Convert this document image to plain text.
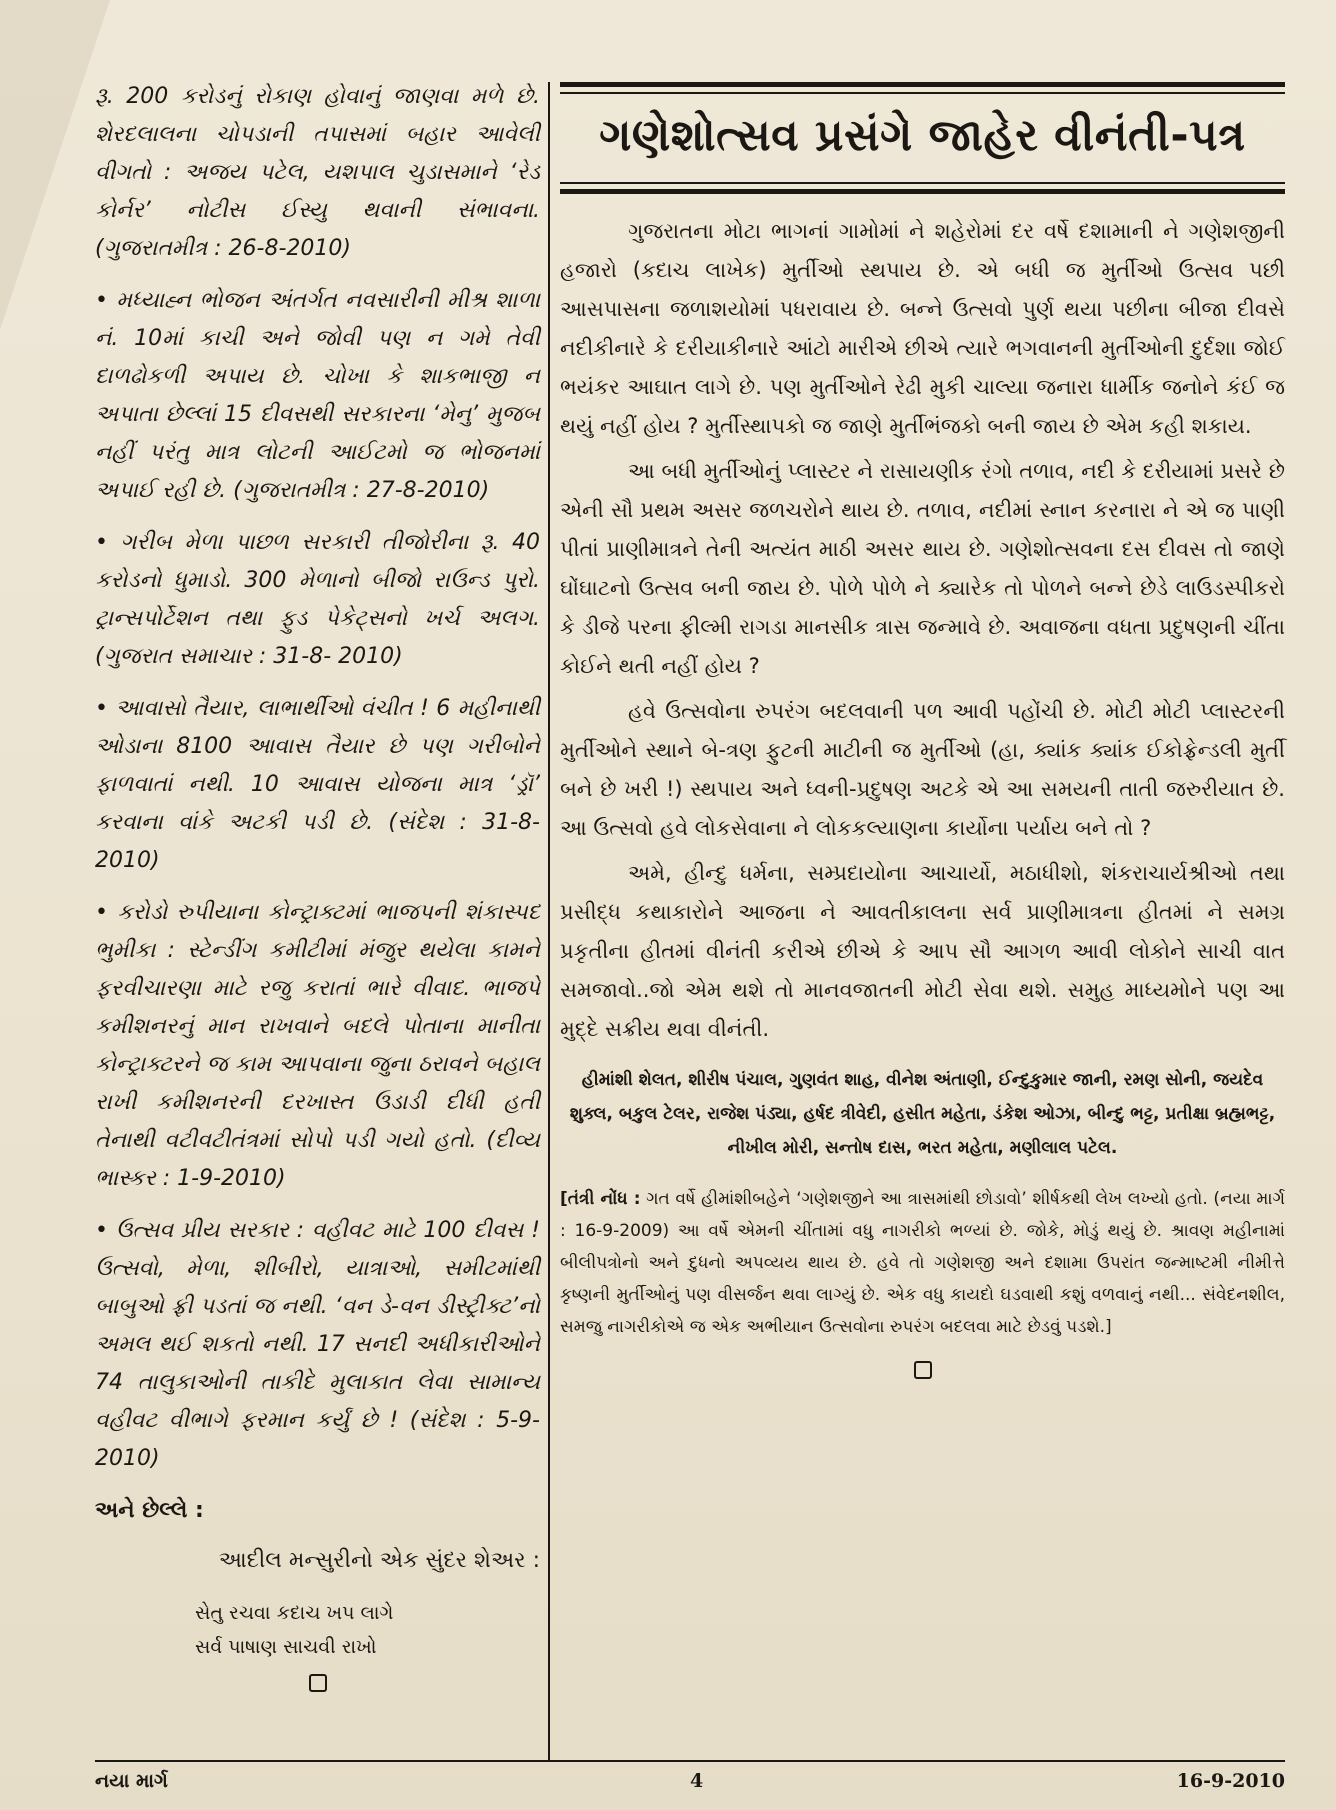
રૂ. 200 કરોડનું રોકાણ હોવાનું જાણવા મળે છે. શેરદલાલના ચોપડાની તપાસમાં બહાર આવેલી વીગતો : અજય પટેલ, યશપાલ ચુડાસમાને ‘રેડ કોર્નર’ નોટીસ ઈસ્યુ થવાની સંભાવના. (ગુજરાતમીત્ર : 26-8-2010)

• મધ્યાહ્ન ભોજન અંતર્ગત નવસારીની મીશ્ર શાળા નં. 10માં કાચી અને જોવી પણ ન ગમે તેવી દાળઢોકળી અપાય છે. ચોખા કે શાકભાજી ન અપાતા છેલ્લાં 15 દીવસથી સરકારના ‘મેનુ’ મુજબ નહીં પરંતુ માત્ર લોટની આઈટમો જ ભોજનમાં અપાઈ રહી છે. (ગુજરાતમીત્ર : 27-8-2010)

• ગરીબ મેળા પાછળ સરકારી તીજોરીના રૂ. 40 કરોડનો ધુમાડો. 300 મેળાનો બીજો રાઉન્ડ પુરો. ટ્રાન્સપોર્ટેશન તથા ફુડ પેકેટ્સનો ખર્ચ અલગ. (ગુજરાત સમાચાર : 31-8- 2010)

• આવાસો તૈયાર, લાભાર્થીઓ વંચીત ! 6 મહીનાથી ઓડાના 8100 આવાસ તૈયાર છે પણ ગરીબોને ફાળવાતાં નથી. 10 આવાસ યોજના માત્ર ‘ડ્રૉ’ કરવાના વાંકે અટકી પડી છે. (સંદેશ : 31-8-2010)

• કરોડો રુપીયાના કોન્ટ્રાક્ટમાં ભાજપની શંકાસ્પદ ભુમીકા : સ્ટેન્ડીંગ કમીટીમાં મંજુર થયેલા કામને ફરવીચારણા માટે રજુ કરાતાં ભારે વીવાદ. ભાજપે કમીશનરનું માન રાખવાને બદલે પોતાના માનીતા કોન્ટ્રાક્ટરને જ કામ આપવાના જુના ઠરાવને બહાલ રાખી કમીશનરની દરખાસ્ત ઉડાડી દીધી હતી તેનાથી વટીવટીતંત્રમાં સોપો પડી ગયો હતો. (દીવ્ય ભાસ્કર : 1-9-2010)

• ઉત્સવ પ્રીય સરકાર : વહીવટ માટે 100 દીવસ ! ઉત્સવો, મેળા, શીબીરો, યાત્રાઓ, સમીટમાંથી બાબુઓ ફ્રી પડતાં જ નથી. ‘વન ડે-વન ડીસ્ટ્રીક્ટ’નો અમલ થઈ શકતો નથી. 17 સનદી અધીકારીઓને 74 તાલુકાઓની તાકીદે મુલાકાત લેવા સામાન્ય વહીવટ વીભાગે ફરમાન કર્યું છે ! (સંદેશ : 5-9-2010)

અને છેલ્લે :

આદીલ મન્સુરીનો એક સુંદર શેઅર :

સેતુ રચવા કદાચ ખપ લાગે
સર્વ પાષાણ સાચવી રાખો
ગણેશોત્સવ પ્રસંગે જાહેર વીનંતી-પત્ર

ગુજરાતના મોટા ભાગનાં ગામોમાં ને શહેરોમાં દર વર્ષે દશામાની ને ગણેશજીની હજારો (કદાચ લાખેક) મુર્તીઓ સ્થપાય છે. એ બધી જ મુર્તીઓ ઉત્સવ પછી આસપાસના જળાશયોમાં પધરાવાય છે. બન્ને ઉત્સવો પુર્ણ થયા પછીના બીજા દીવસે નદીકીનારે કે દરીયાકીનારે આંટો મારીએ છીએ ત્યારે ભગવાનની મુર્તીઓની દુર્દશા જોઈ ભયંકર આઘાત લાગે છે. પણ મુર્તીઓને રેઢી મુકી ચાલ્યા જનારા ધાર્મીક જનોને કંઈ જ થયું નહીં હોય ? મુર્તીસ્થાપકો જ જાણે મુર્તીભંજકો બની જાય છે એમ કહી શકાય.

આ બધી મુર્તીઓનું પ્લાસ્ટર ને રાસાયણીક રંગો તળાવ, નદી કે દરીયામાં પ્રસરે છે એની સૌ પ્રથમ અસર જળચરોને થાય છે. તળાવ, નદીમાં સ્નાન કરનારા ને એ જ પાણી પીતાં પ્રાણીમાત્રને તેની અત્યંત માઠી અસર થાય છે. ગણેશોત્સવના દસ દીવસ તો જાણે ઘોંઘાટનો ઉત્સવ બની જાય છે. પોળે પોળે ને ક્યારેક તો પોળને બન્ને છેડે લાઉડસ્પીકરો કે ડીજે પરના ફીલ્મી રાગડા માનસીક ત્રાસ જન્માવે છે. અવાજના વધતા પ્રદુષણની ચીંતા કોઈને થતી નહીં હોય ?

હવે ઉત્સવોના રુપરંગ બદલવાની પળ આવી પહોંચી છે. મોટી મોટી પ્લાસ્ટરની મુર્તીઓને સ્થાને બે-ત્રણ ફુટની માટીની જ મુર્તીઓ (હા, ક્યાંક ક્યાંક ઈકોફ્રેન્ડલી મુર્તી બને છે ખરી !) સ્થપાય અને ધ્વની-પ્રદુષણ અટકે એ આ સમયની તાતી જરુરીયાત છે. આ ઉત્સવો હવે લોકસેવાના ને લોકકલ્યાણના કાર્યોના પર્યાય બને તો ?

અમે, હીન્દુ ધર્મના, સમ્પ્રદાયોના આચાર્યો, મઠાધીશો, શંકરાચાર્યશ્રીઓ તથા પ્રસીદ્ધ કથાકારોને આજના ને આવતીકાલના સર્વ પ્રાણીમાત્રના હીતમાં ને સમગ્ર પ્રકૃતીના હીતમાં વીનંતી કરીએ છીએ કે આપ સૌ આગળ આવી લોકોને સાચી વાત સમજાવો..જો એમ થશે તો માનવજાતની મોટી સેવા થશે. સમુહ માધ્યમોને પણ આ મુદ્દે સક્રીય થવા વીનંતી.

હીમાંશી શેલત, શીરીષ પંચાલ, ગુણવંત શાહ, વીનેશ અંતાણી, ઈન્દુકુમાર જાની, રમણ સોની, જયદેવ શુક્લ, બકુલ ટેલર, રાજેશ પંડ્યા, હર્ષદ ત્રીવેદી, હસીત મહેતા, ડંકેશ ઓઝા, બીન્દુ ભટ્ટ, પ્રતીક્ષા બ્રહ્મભટ્ટ, નીખીલ મોરી, સન્તોષ દાસ, ભરત મહેતા, મણીલાલ પટેલ.

[તંત્રી નોંધ : ગત વર્ષે હીમાંશીબહેને ‘ગણેશજીને આ ત્રાસમાંથી છોડાવો’ શીર્ષકથી લેખ લખ્યો હતો. (નયા માર્ગ : 16-9-2009) આ વર્ષે એમની ચીંતામાં વધુ નાગરીકો ભળ્યાં છે. જોકે, મોડું થયું છે. શ્રાવણ મહીનામાં બીલીપત્રોનો અને દુધનો અપવ્યય થાય છે. હવે તો ગણેશજી અને દશામા ઉપરાંત જન્માષ્ટમી નીમીત્તે કૃષ્ણની મુર્તીઓનું પણ વીસર્જન થવા લાગ્યું છે. એક વધુ કાયદો ઘડવાથી કશું વળવાનું નથી... સંવેદનશીલ, સમજુ નાગરીકોએ જ એક અભીયાન ઉત્સવોના રુપરંગ બદલવા માટે છેડવું પડશે.]

નયા માર્ગ	4	16-9-2010
